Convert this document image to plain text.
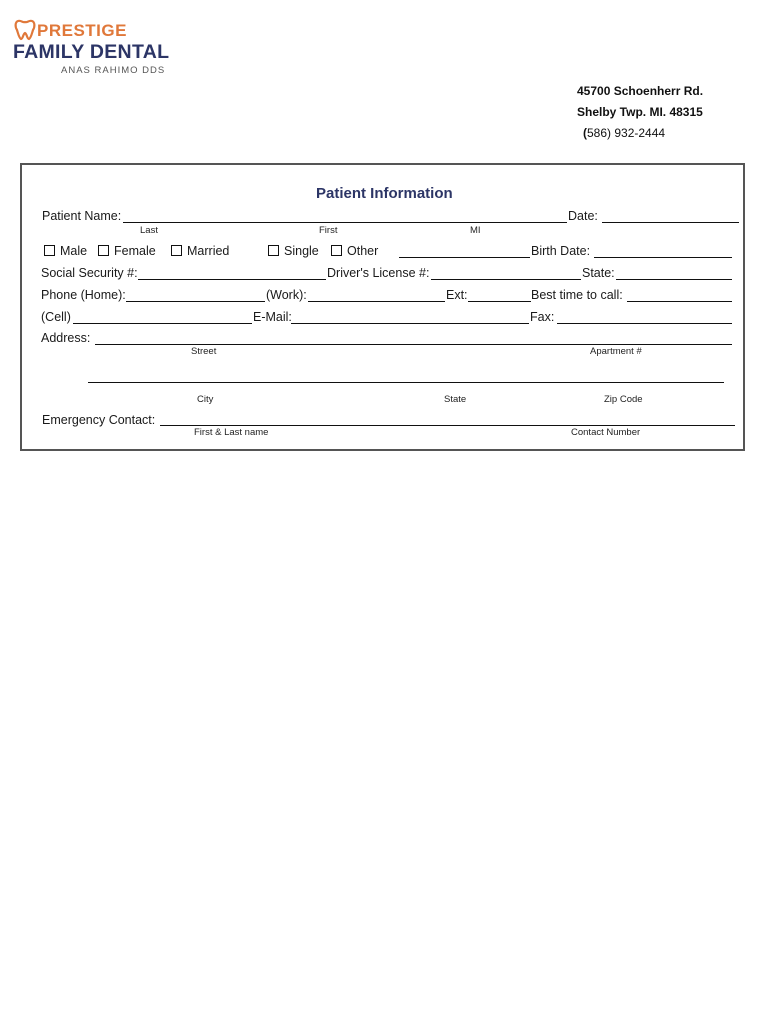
PRESTIGE
FAMILY DENTAL
ANAS RAHIMO DDS
45700 Schoenherr Rd.
Shelby Twp. MI. 48315
(586) 932-2444
Patient Information
Patient Name:	Date:
Last	First	MI
Male	Female	Married	Single	Other	Birth Date:
Social Security #:	Driver's License #:	State:
Phone (Home):	(Work):	Ext:	Best time to call:
(Cell)	E-Mail:	Fax:
Address:
Street	Apartment #
City	State	Zip Code
Emergency Contact:
First & Last name	Contact Number
